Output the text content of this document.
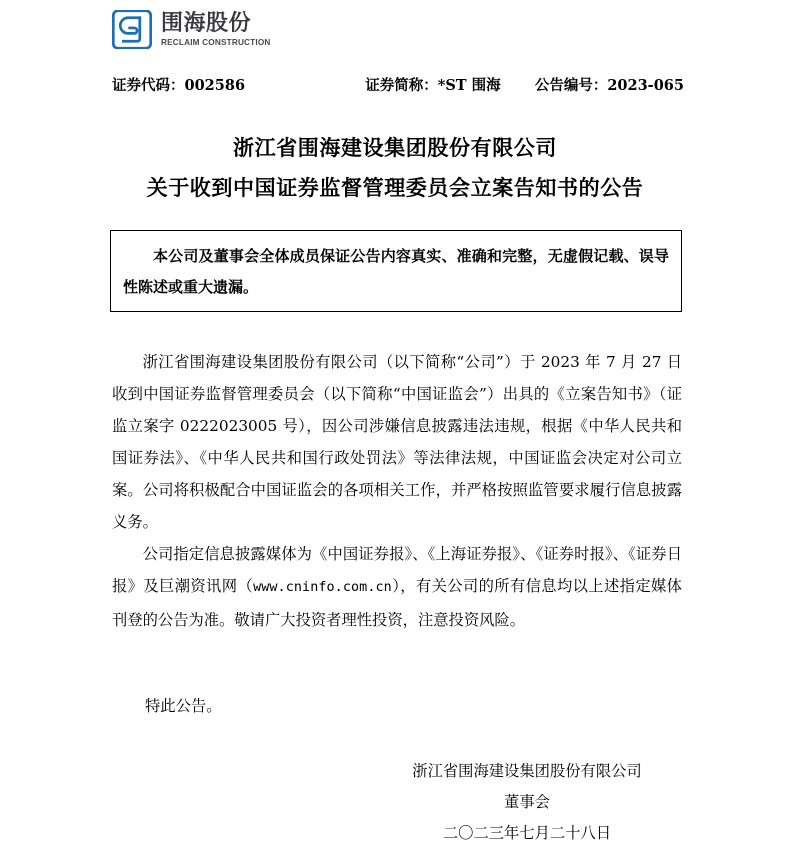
围海股份
RECLAIM CONSTRUCTION
证券代码：002586	证券简称：*ST 围海 公告编号：2023-065
浙江省围海建设集团股份有限公司
关于收到中国证券监督管理委员会立案告知书的公告
本公司及董事会全体成员保证公告内容真实、准确和完整，无虚假记载、误导性陈述或重大遗漏。

浙江省围海建设集团股份有限公司（以下简称“公司”）于 2023 年 7 月 27 日收到中国证券监督管理委员会（以下简称“中国证监会”）出具的《立案告知书》（证监立案字 0222023005 号），因公司涉嫌信息披露违法违规，根据《中华人民共和国证券法》、《中华人民共和国行政处罚法》等法律法规，中国证监会决定对公司立案。公司将积极配合中国证监会的各项相关工作，并严格按照监管要求履行信息披露义务。

公司指定信息披露媒体为《中国证券报》、《上海证券报》、《证券时报》、《证券日报》及巨潮资讯网（www.cninfo.com.cn），有关公司的所有信息均以上述指定媒体刊登的公告为准。敬请广大投资者理性投资，注意投资风险。

特此公告。
浙江省围海建设集团股份有限公司
董事会
二〇二三年七月二十八日
